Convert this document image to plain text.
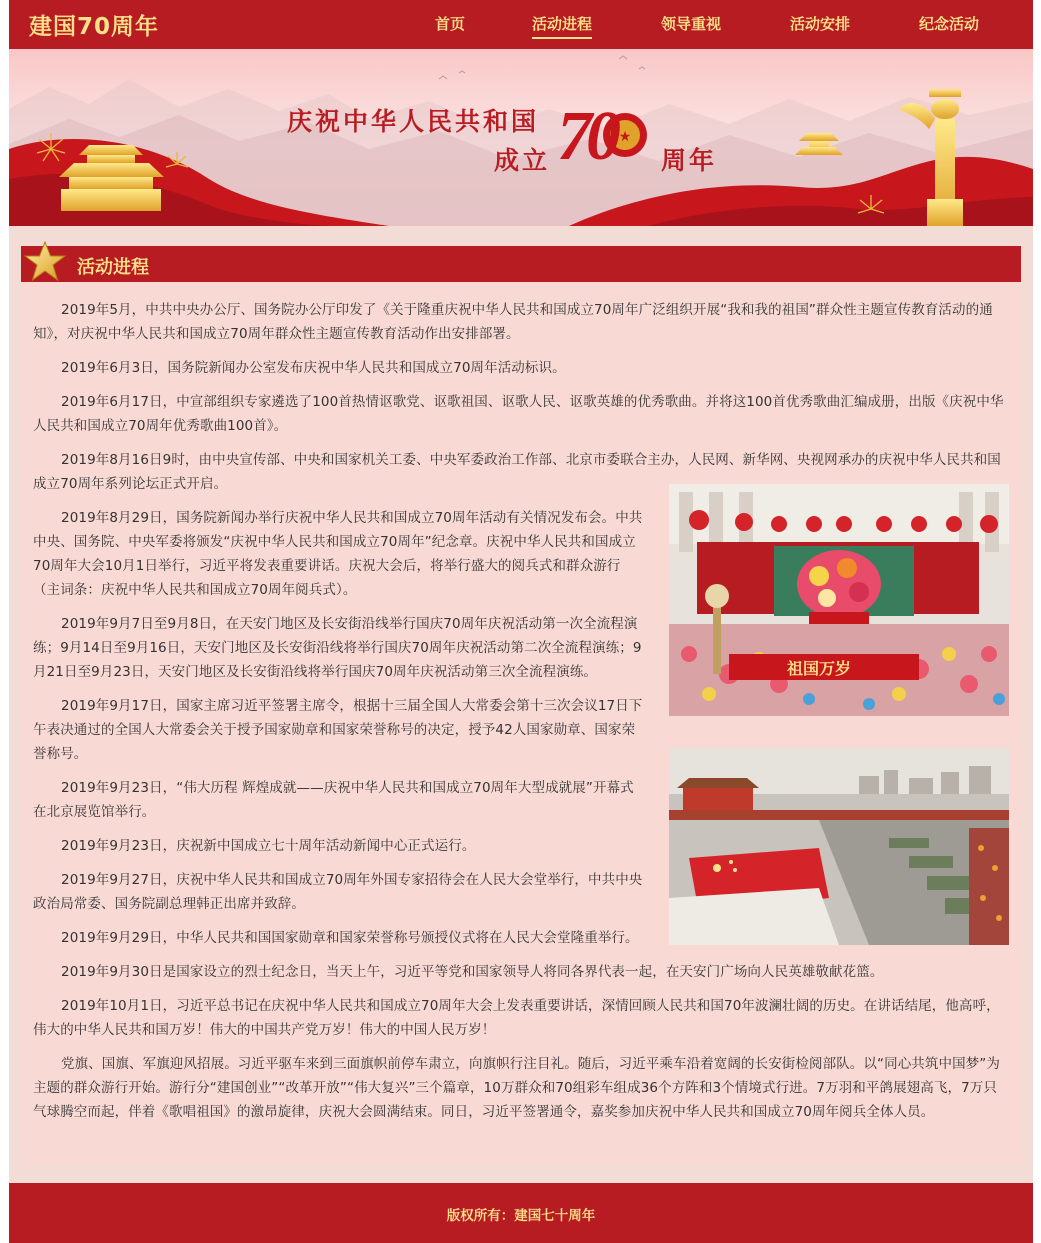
建国70周年	首页	活动进程	领导重视	活动安排	纪念活动
★
庆祝中华人民共和国
成立 70 周年
活动进程

2019年5月，中共中央办公厅、国务院办公厅印发了《关于隆重庆祝中华人民共和国成立70周年广泛组织开展“我和我的祖国”群众性主题宣传教育活动的通知》，对庆祝中华人民共和国成立70周年群众性主题宣传教育活动作出安排部署。

2019年6月3日，国务院新闻办公室发布庆祝中华人民共和国成立70周年活动标识。

2019年6月17日，中宣部组织专家遴选了100首热情讴歌党、讴歌祖国、讴歌人民、讴歌英雄的优秀歌曲。并将这100首优秀歌曲汇编成册，出版《庆祝中华人民共和国成立70周年优秀歌曲100首》。

2019年8月16日9时，由中央宣传部、中央和国家机关工委、中央军委政治工作部、北京市委联合主办，人民网、新华网、央视网承办的庆祝中华人民共和国成立70周年系列论坛正式开启。

2019年8月29日，国务院新闻办举行庆祝中华人民共和国成立70周年活动有关情况发布会。中共中央、国务院、中央军委将颁发“庆祝中华人民共和国成立70周年”纪念章。庆祝中华人民共和国成立70周年大会10月1日举行，习近平将发表重要讲话。庆祝大会后，将举行盛大的阅兵式和群众游行（主词条：庆祝中华人民共和国成立70周年阅兵式）。

2019年9月7日至9月8日，在天安门地区及长安街沿线举行国庆70周年庆祝活动第一次全流程演练；9月14日至9月16日，天安门地区及长安街沿线将举行国庆70周年庆祝活动第二次全流程演练；9月21日至9月23日，天安门地区及长安街沿线将举行国庆70周年庆祝活动第三次全流程演练。

2019年9月17日，国家主席习近平签署主席令，根据十三届全国人大常委会第十三次会议17日下午表决通过的全国人大常委会关于授予国家勋章和国家荣誉称号的决定，授予42人国家勋章、国家荣誉称号。

2019年9月23日，“伟大历程 辉煌成就——庆祝中华人民共和国成立70周年大型成就展”开幕式在北京展览馆举行。

2019年9月23日，庆祝新中国成立七十周年活动新闻中心正式运行。

2019年9月27日，庆祝中华人民共和国成立70周年外国专家招待会在人民大会堂举行，中共中央政治局常委、国务院副总理韩正出席并致辞。

2019年9月29日，中华人民共和国国家勋章和国家荣誉称号颁授仪式将在人民大会堂隆重举行。

2019年9月30日是国家设立的烈士纪念日，当天上午，习近平等党和国家领导人将同各界代表一起，在天安门广场向人民英雄敬献花篮。

2019年10月1日，习近平总书记在庆祝中华人民共和国成立70周年大会上发表重要讲话，深情回顾人民共和国70年波澜壮阔的历史。在讲话结尾，他高呼，伟大的中华人民共和国万岁！伟大的中国共产党万岁！伟大的中国人民万岁！

党旗、国旗、军旗迎风招展。习近平驱车来到三面旗帜前停车肃立，向旗帜行注目礼。随后，习近平乘车沿着宽阔的长安街检阅部队。以“同心共筑中国梦”为主题的群众游行开始。游行分“建国创业”“改革开放”“伟大复兴”三个篇章，10万群众和70组彩车组成36个方阵和3个情境式行进。7万羽和平鸽展翅高飞，7万只气球腾空而起，伴着《歌唱祖国》的激昂旋律，庆祝大会圆满结束。同日，习近平签署通令，嘉奖参加庆祝中华人民共和国成立70周年阅兵全体人员。

祖国万岁
版权所有：建国七十周年
